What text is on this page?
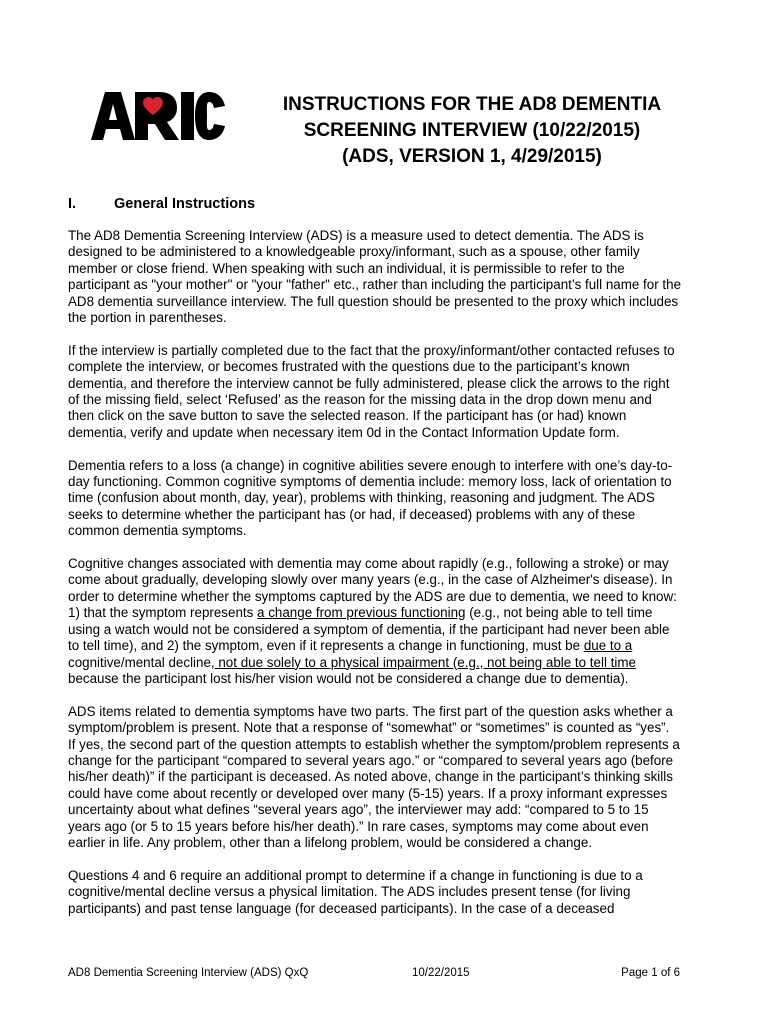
INSTRUCTIONS FOR THE AD8 DEMENTIA
SCREENING INTERVIEW (10/22/2015)
(ADS, VERSION 1, 4/29/2015)
I.	General Instructions
The AD8 Dementia Screening Interview (ADS) is a measure used to detect dementia. The ADS is
designed to be administered to a knowledgeable proxy/informant, such as a spouse, other family
member or close friend. When speaking with such an individual, it is permissible to refer to the
participant as "your mother" or "your "father" etc., rather than including the participant’s full name for the
AD8 dementia surveillance interview. The full question should be presented to the proxy which includes
the portion in parentheses.
If the interview is partially completed due to the fact that the proxy/informant/other contacted refuses to
complete the interview, or becomes frustrated with the questions due to the participant’s known
dementia, and therefore the interview cannot be fully administered, please click the arrows to the right
of the missing field, select ‘Refused’ as the reason for the missing data in the drop down menu and
then click on the save button to save the selected reason. If the participant has (or had) known
dementia, verify and update when necessary item 0d in the Contact Information Update form.
Dementia refers to a loss (a change) in cognitive abilities severe enough to interfere with one’s day-to-
day functioning. Common cognitive symptoms of dementia include: memory loss, lack of orientation to
time (confusion about month, day, year), problems with thinking, reasoning and judgment. The ADS
seeks to determine whether the participant has (or had, if deceased) problems with any of these
common dementia symptoms.
Cognitive changes associated with dementia may come about rapidly (e.g., following a stroke) or may
come about gradually, developing slowly over many years (e.g., in the case of Alzheimer's disease). In
order to determine whether the symptoms captured by the ADS are due to dementia, we need to know:
1) that the symptom represents a change from previous functioning (e.g., not being able to tell time
using a watch would not be considered a symptom of dementia, if the participant had never been able
to tell time), and 2) the symptom, even if it represents a change in functioning, must be due to a
cognitive/mental decline, not due solely to a physical impairment (e.g., not being able to tell time
because the participant lost his/her vision would not be considered a change due to dementia).
ADS items related to dementia symptoms have two parts. The first part of the question asks whether a
symptom/problem is present. Note that a response of “somewhat” or “sometimes” is counted as “yes”.
If yes, the second part of the question attempts to establish whether the symptom/problem represents a
change for the participant “compared to several years ago.” or “compared to several years ago (before
his/her death)” if the participant is deceased. As noted above, change in the participant’s thinking skills
could have come about recently or developed over many (5-15) years. If a proxy informant expresses
uncertainty about what defines “several years ago”, the interviewer may add: “compared to 5 to 15
years ago (or 5 to 15 years before his/her death).” In rare cases, symptoms may come about even
earlier in life. Any problem, other than a lifelong problem, would be considered a change.
Questions 4 and 6 require an additional prompt to determine if a change in functioning is due to a
cognitive/mental decline versus a physical limitation. The ADS includes present tense (for living
participants) and past tense language (for deceased participants). In the case of a deceased
AD8 Dementia Screening Interview (ADS) QxQ	10/22/2015	Page 1 of 6
